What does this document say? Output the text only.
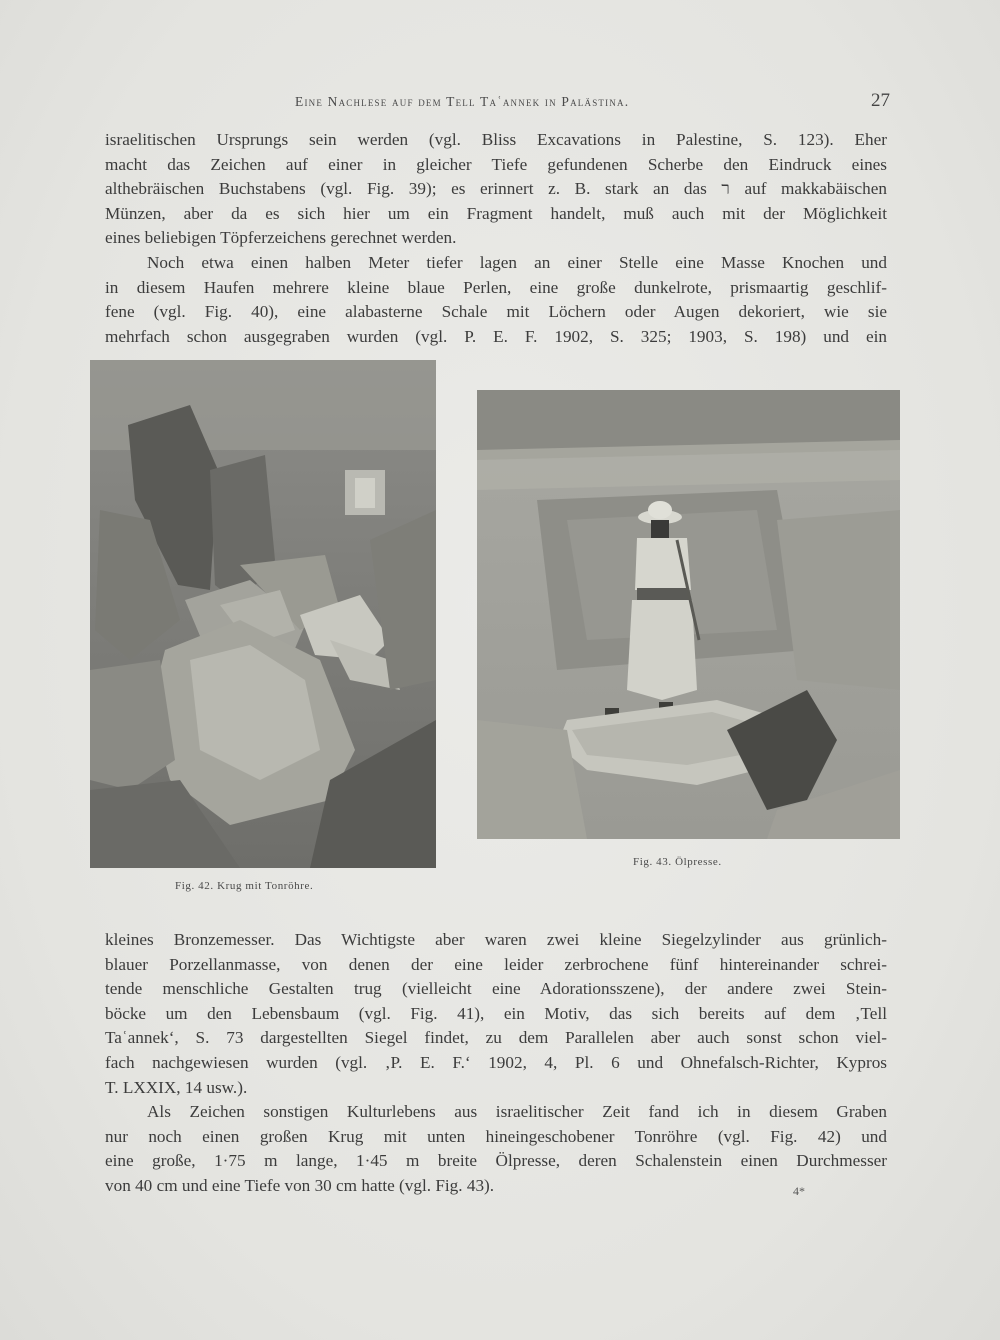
Eine Nachlese auf dem Tell Taʿannek in Palästina.	27

israelitischen Ursprungs sein werden (vgl. Bliss Excavations in Palestine, S. 123). Eher
macht das Zeichen auf einer in gleicher Tiefe gefundenen Scherbe den Eindruck eines
althebräischen Buchstabens (vgl. Fig. 39); es erinnert z. B. stark an das ר auf makkabäischen
Münzen, aber da es sich hier um ein Fragment handelt, muß auch mit der Möglichkeit
eines beliebigen Töpferzeichens gerechnet werden.

Noch etwa einen halben Meter tiefer lagen an einer Stelle eine Masse Knochen und
in diesem Haufen mehrere kleine blaue Perlen, eine große dunkelrote, prismaartig geschlif-
fene (vgl. Fig. 40), eine alabasterne Schale mit Löchern oder Augen dekoriert, wie sie
mehrfach schon ausgegraben wurden (vgl. P. E. F. 1902, S. 325; 1903, S. 198) und ein

Fig. 42. Krug mit Tonröhre.
Fig. 43. Ölpresse.

kleines Bronzemesser. Das Wichtigste aber waren zwei kleine Siegelzylinder aus grünlich-
blauer Porzellanmasse, von denen der eine leider zerbrochene fünf hintereinander schrei-
tende menschliche Gestalten trug (vielleicht eine Adorationsszene), der andere zwei Stein-
böcke um den Lebensbaum (vgl. Fig. 41), ein Motiv, das sich bereits auf dem ‚Tell
Taʿannek‘, S. 73 dargestellten Siegel findet, zu dem Parallelen aber auch sonst schon viel-
fach nachgewiesen wurden (vgl. ‚P. E. F.‘ 1902, 4, Pl. 6 und Ohnefalsch-Richter, Kypros
T. LXXIX, 14 usw.).

Als Zeichen sonstigen Kulturlebens aus israelitischer Zeit fand ich in diesem Graben
nur noch einen großen Krug mit unten hineingeschobener Tonröhre (vgl. Fig. 42) und
eine große, 1·75 m lange, 1·45 m breite Ölpresse, deren Schalenstein einen Durchmesser
von 40 cm und eine Tiefe von 30 cm hatte (vgl. Fig. 43).	4*
